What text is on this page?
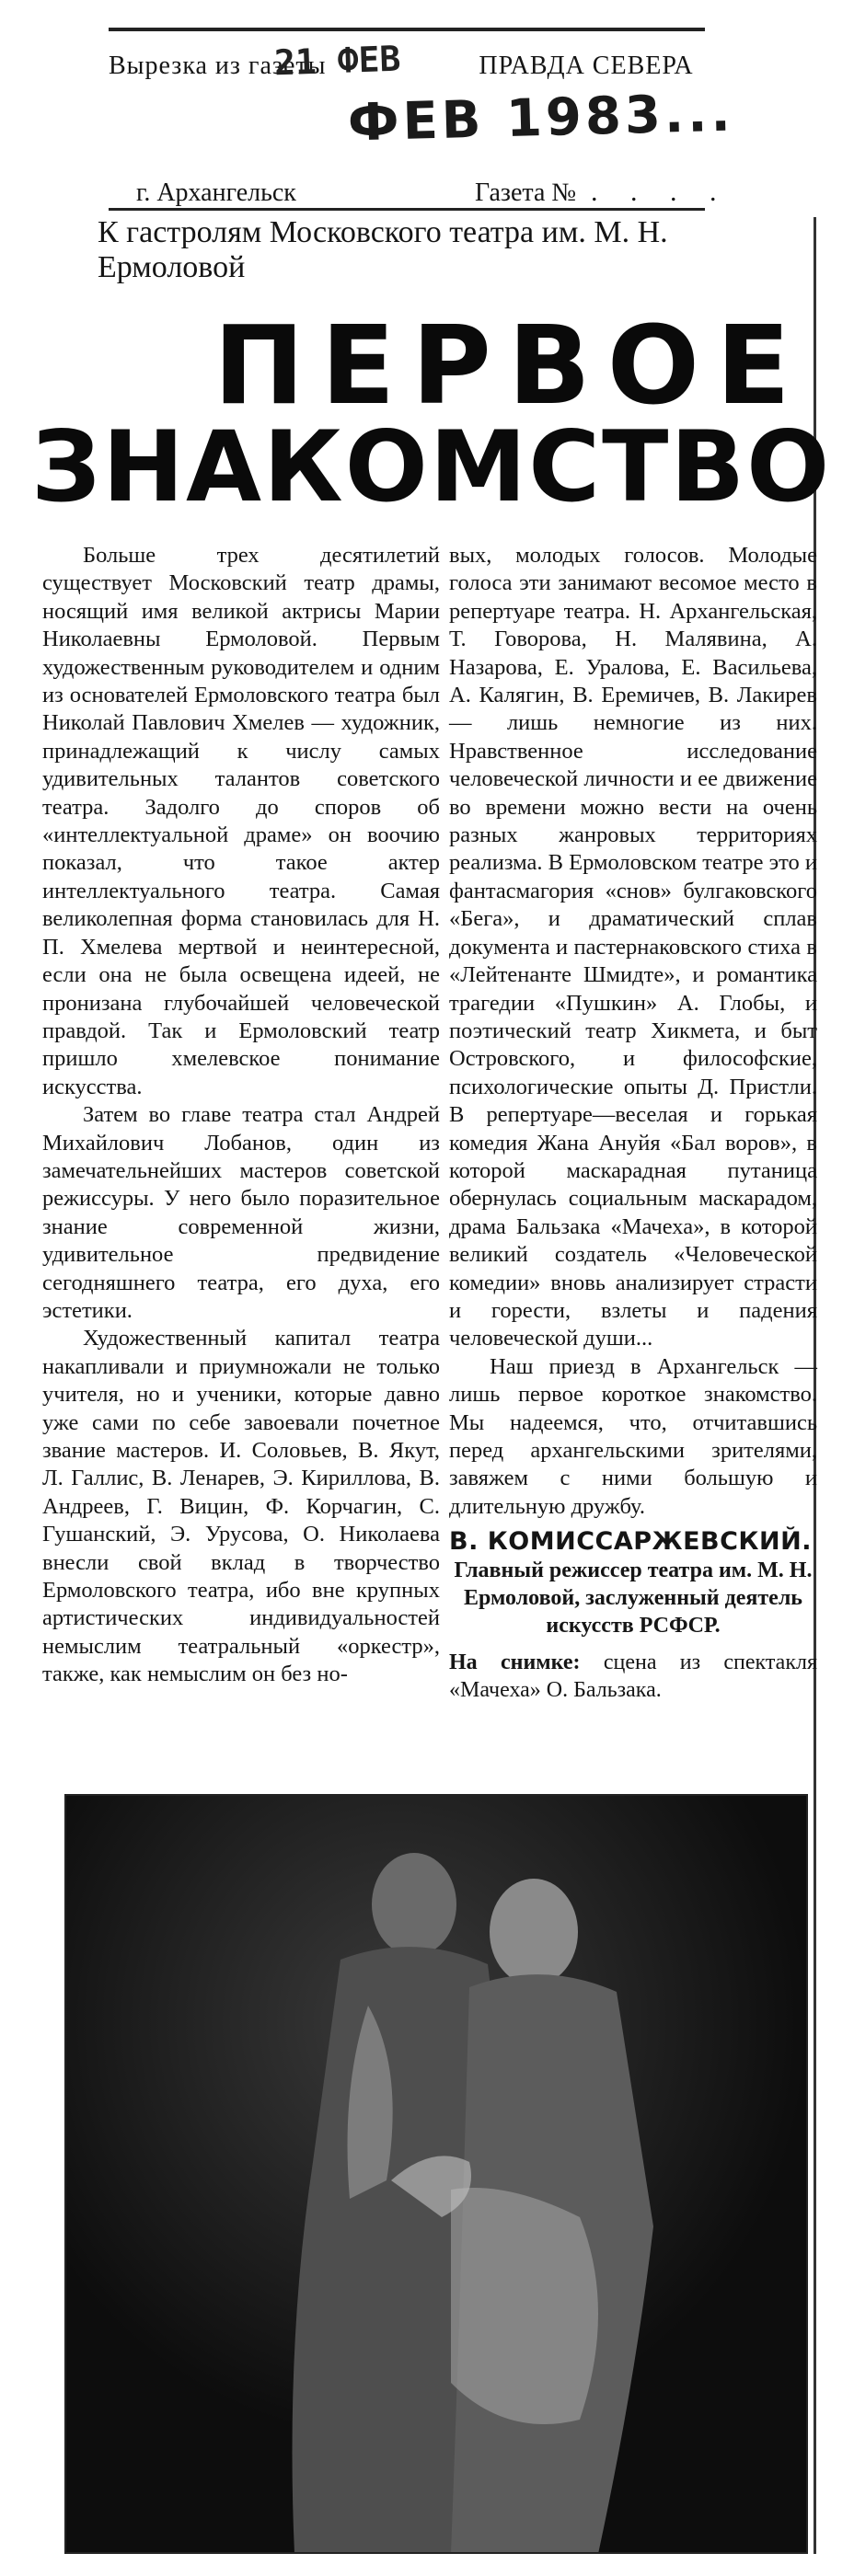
Вырезка из газеты	ПРАВДА СЕВЕРА
21 ФЕВ
ФЕВ 1983...
г. Архангельск	Газета № . . . .
К гастролям Московского театра им. М. Н. Ермоловой
ПЕРВОЕ
ЗНАКОМСТВО

Больше трех десятилетий существует Московский театр драмы, носящий имя великой актрисы Марии Николаевны Ермоловой. Первым художественным руководителем и одним из основателей Ермоловского театра был Николай Павлович Хмелев — художник, принадлежащий к числу самых удивительных талантов советского театра. Задолго до споров об «интеллектуальной драме» он воочию показал, что такое актер интеллектуального театра. Самая великолепная форма становилась для Н. П. Хмелева мертвой и неинтересной, если она не была освещена идеей, не пронизана глубочайшей человеческой правдой. Так и Ермоловский театр пришло хмелевское понимание искусства.

Затем во главе театра стал Андрей Михайлович Лобанов, один из замечательнейших мастеров советской режиссуры. У него было поразительное знание современной жизни, удивительное предвидение сегодняшнего театра, его духа, его эстетики.

Художественный капитал театра накапливали и приумножали не только учителя, но и ученики, которые давно уже сами по себе завоевали почетное звание мастеров. И. Соловьев, В. Якут, Л. Галлис, В. Ленарев, Э. Кириллова, В. Андреев, Г. Вицин, Ф. Корчагин, С. Гушанский, Э. Урусова, О. Николаева внесли свой вклад в творчество Ермоловского театра, ибо вне крупных артистических индивидуальностей немыслим театральный «оркестр», также, как немыслим он без но-

вых, молодых голосов. Молодые голоса эти занимают весомое место в репертуаре театра. Н. Архангельская, Т. Говорова, Н. Малявина, А. Назарова, Е. Уралова, Е. Васильева, А. Калягин, В. Еремичев, В. Лакирев — лишь немногие из них. Нравственное исследование человеческой личности и ее движение во времени можно вести на очень разных жанровых территориях реализма. В Ермоловском театре это и фантасмагория «снов» булгаковского «Бега», и драматический сплав документа и пастернаковского стиха в «Лейтенанте Шмидте», и романтика трагедии «Пушкин» А. Глобы, и поэтический театр Хикмета, и быт Островского, и философские, психологические опыты Д. Пристли. В репертуаре—веселая и горькая комедия Жана Ануйя «Бал воров», в которой маскарадная путаница обернулась социальным маскарадом, драма Бальзака «Мачеха», в которой великий создатель «Человеческой комедии» вновь анализирует страсти и горести, взлеты и падения человеческой души...

Наш приезд в Архангельск — лишь первое короткое знакомство. Мы надеемся, что, отчитавшись перед архангельскими зрителями, завяжем с ними большую и длительную дружбу.

В. КОМИССАРЖЕВСКИЙ.
Главный режиссер театра им. М. Н. Ермоловой, заслуженный деятель искусств РСФСР.
На снимке: сцена из спектакля «Мачеха» О. Бальзака.
